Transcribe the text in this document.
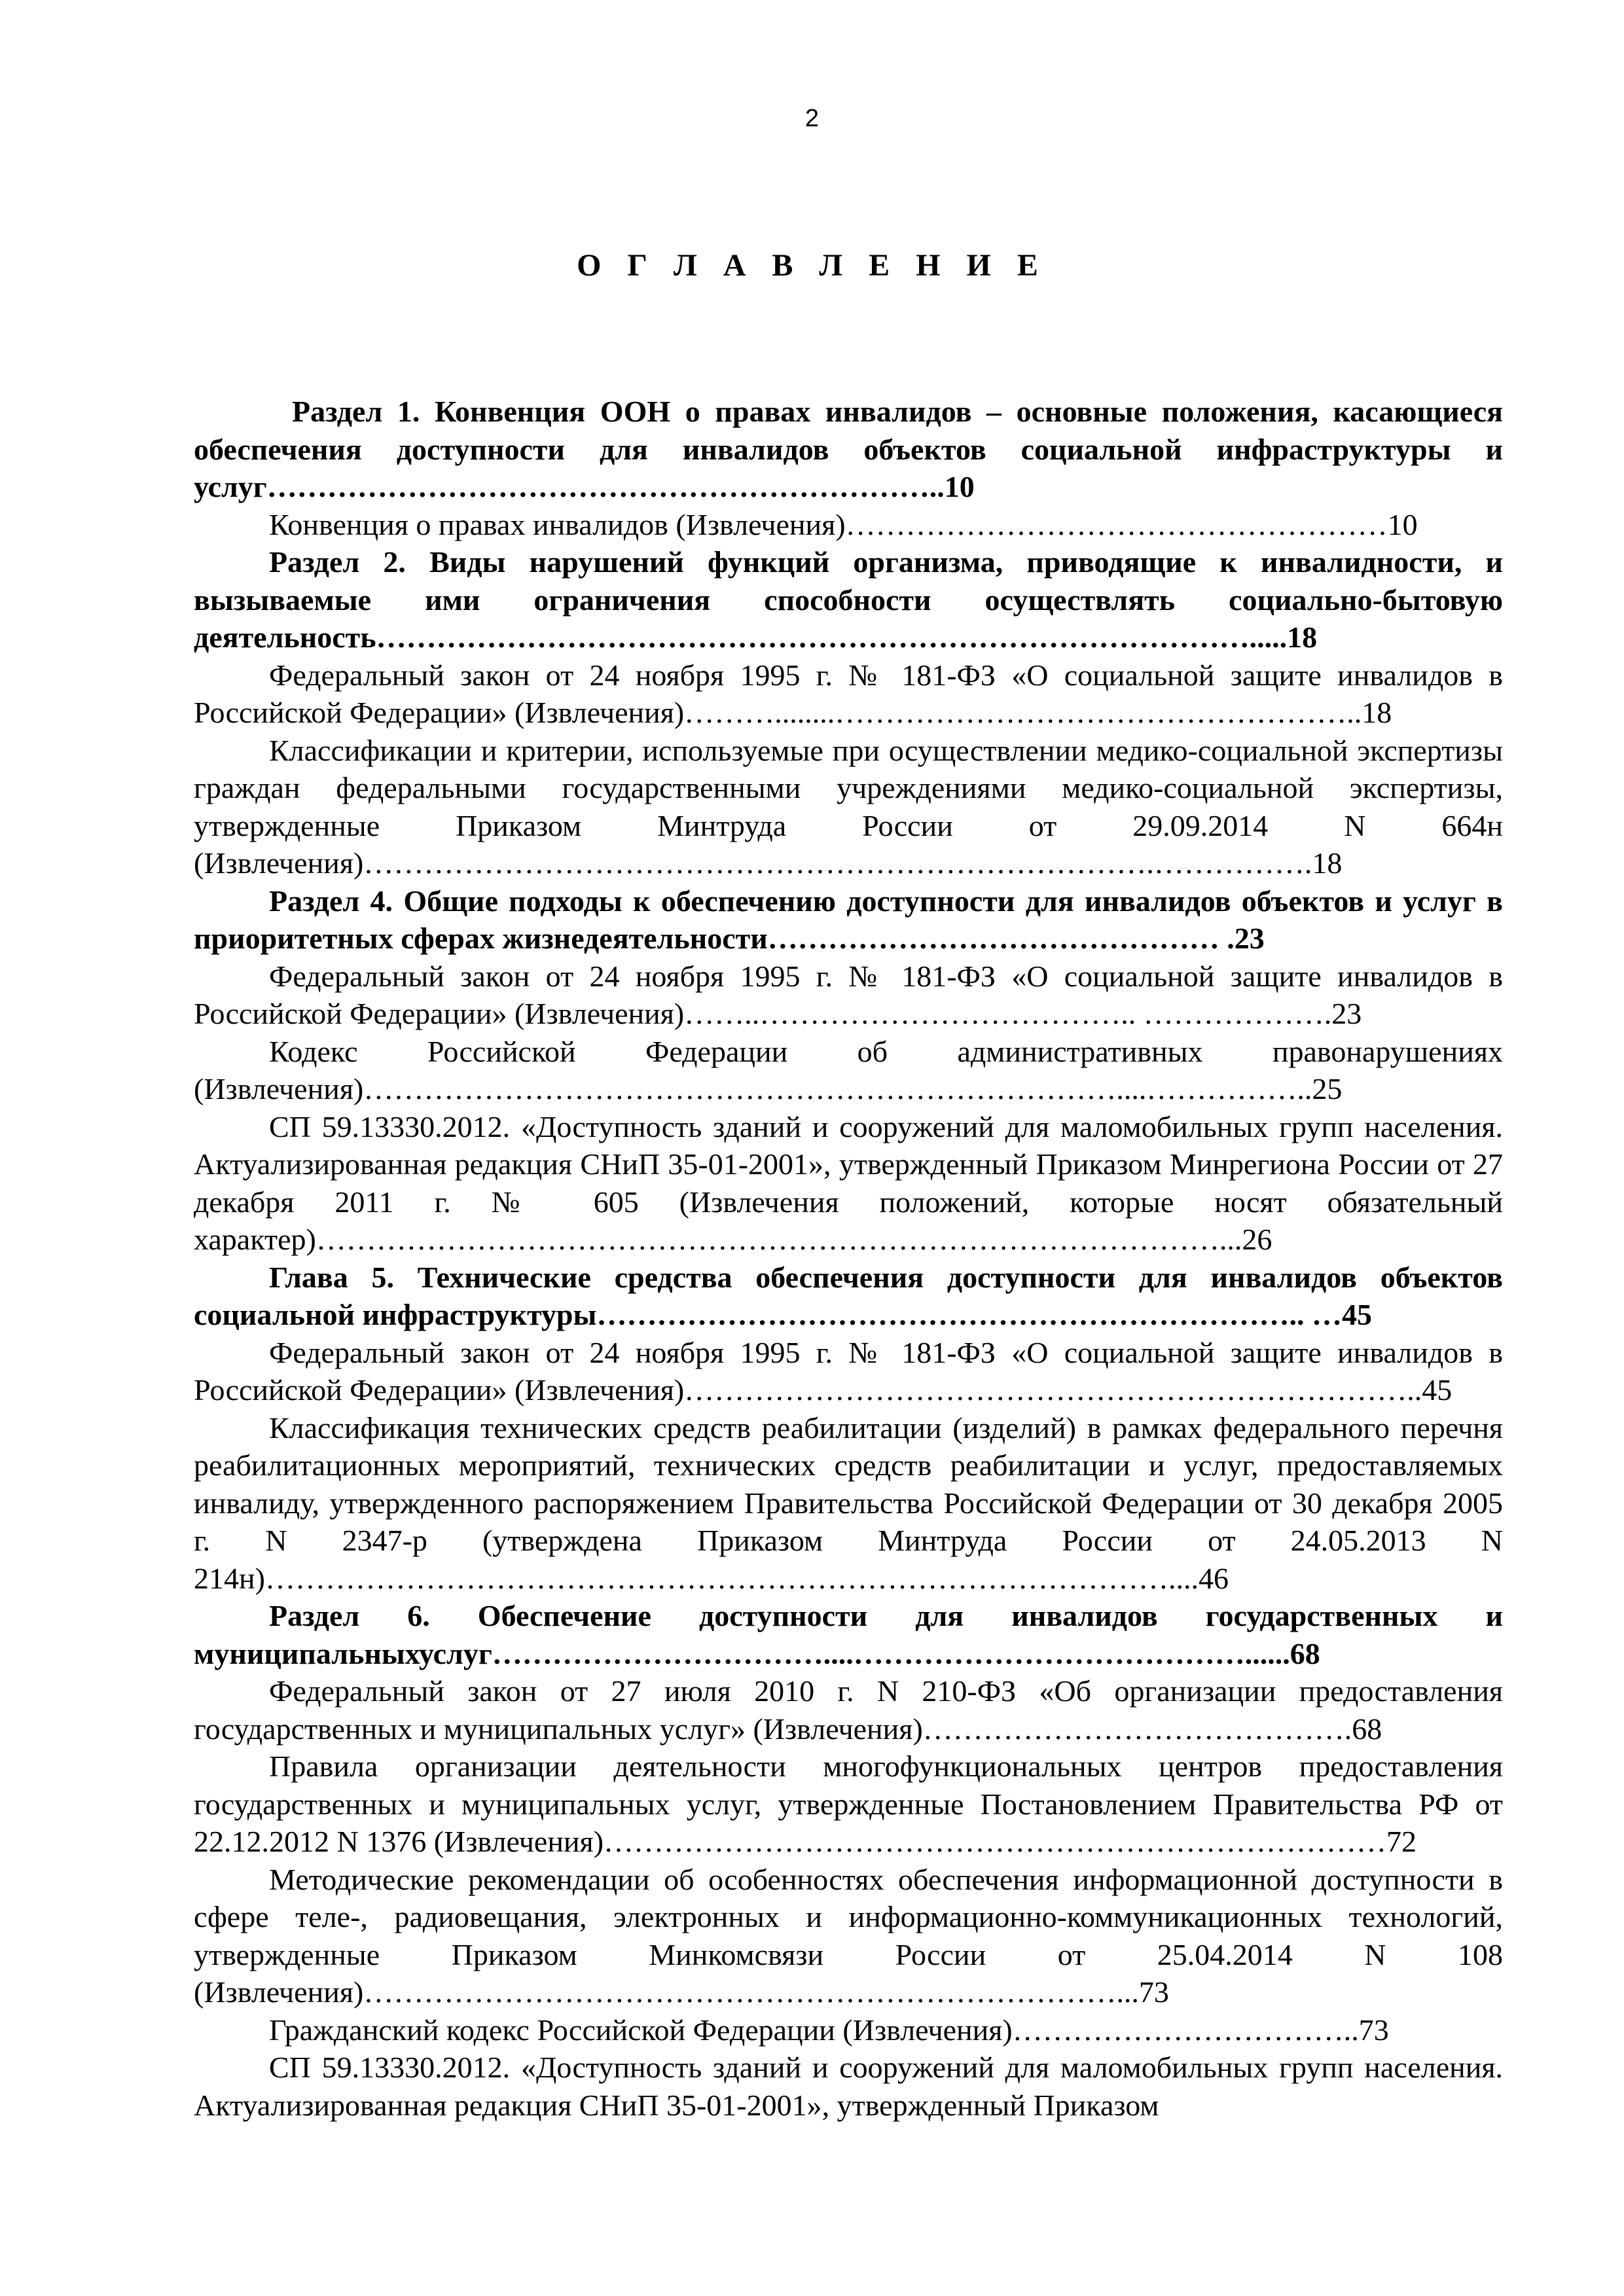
2
О Г Л А В Л Е Н И Е

Раздел 1. Конвенция ООН о правах инвалидов – основные положения, касающиеся обеспечения доступности для инвалидов объектов социальной инфраструктуры и услуг…………………………………………………………..10

Конвенция о правах инвалидов (Извлечения)………………………………………………10

Раздел 2. Виды нарушений функций организма, приводящие к инвалидности, и вызываемые ими ограничения способности осуществлять социально-бытовую деятельность…………………………………………………………………………….....18

Федеральный закон от 24 ноября 1995 г. № 181-ФЗ «О социальной защите инвалидов в Российской Федерации» (Извлечения)………........……………………………………………..18

Классификации и критерии, используемые при осуществлении медико-социальной экспертизы граждан федеральными государственными учреждениями медико-социальной экспертизы, утвержденные Приказом Минтруда России от 29.09.2014 N 664н (Извлечения)…………………………………………………………………….…………….18

Раздел 4. Общие подходы к обеспечению доступности для инвалидов объектов и услуг в приоритетных сферах жизнедеятельности……………………………………… .23

Федеральный закон от 24 ноября 1995 г. № 181-ФЗ «О социальной защите инвалидов в Российской Федерации» (Извлечения)……..……………………………….. ……………….23

Кодекс Российской Федерации об административных правонарушениях (Извлечения)…………………………………………………………………....……………..25

СП 59.13330.2012. «Доступность зданий и сооружений для маломобильных групп населения. Актуализированная редакция СНиП 35-01-2001», утвержденный Приказом Минрегиона России от 27 декабря 2011 г. № 605 (Извлечения положений, которые носят обязательный характер)………………………………………………………………………………...26

Глава 5. Технические средства обеспечения доступности для инвалидов объектов социальной инфраструктуры…………………………………………………………….. …45

Федеральный закон от 24 ноября 1995 г. № 181-ФЗ «О социальной защите инвалидов в Российской Федерации» (Извлечения)………………………………………………………………..45

Классификация технических средств реабилитации (изделий) в рамках федерального перечня реабилитационных мероприятий, технических средств реабилитации и услуг, предоставляемых инвалиду, утвержденного распоряжением Правительства Российской Федерации от 30 декабря 2005 г. N 2347-р (утверждена Приказом Минтруда России от 24.05.2013 N 214н)………………………………………………………………………………....46

Раздел 6. Обеспечение доступности для инвалидов государственных и муниципальныхуслуг……………………………....…………………………………......68

Федеральный закон от 27 июля 2010 г. N 210-ФЗ «Об организации предоставления государственных и муниципальных услуг» (Извлечения)…………………………………….68

Правила организации деятельности многофункциональных центров предоставления государственных и муниципальных услуг, утвержденные Постановлением Правительства РФ от 22.12.2012 N 1376 (Извлечения)……………………………………………………………………72

Методические рекомендации об особенностях обеспечения информационной доступности в сфере теле-, радиовещания, электронных и информационно-коммуникационных технологий, утвержденные Приказом Минкомсвязи России от 25.04.2014 N 108 (Извлечения)…………………………………………………………………...73

Гражданский кодекс Российской Федерации (Извлечения)……………………………..73

СП 59.13330.2012. «Доступность зданий и сооружений для маломобильных групп населения. Актуализированная редакция СНиП 35-01-2001», утвержденный Приказом
